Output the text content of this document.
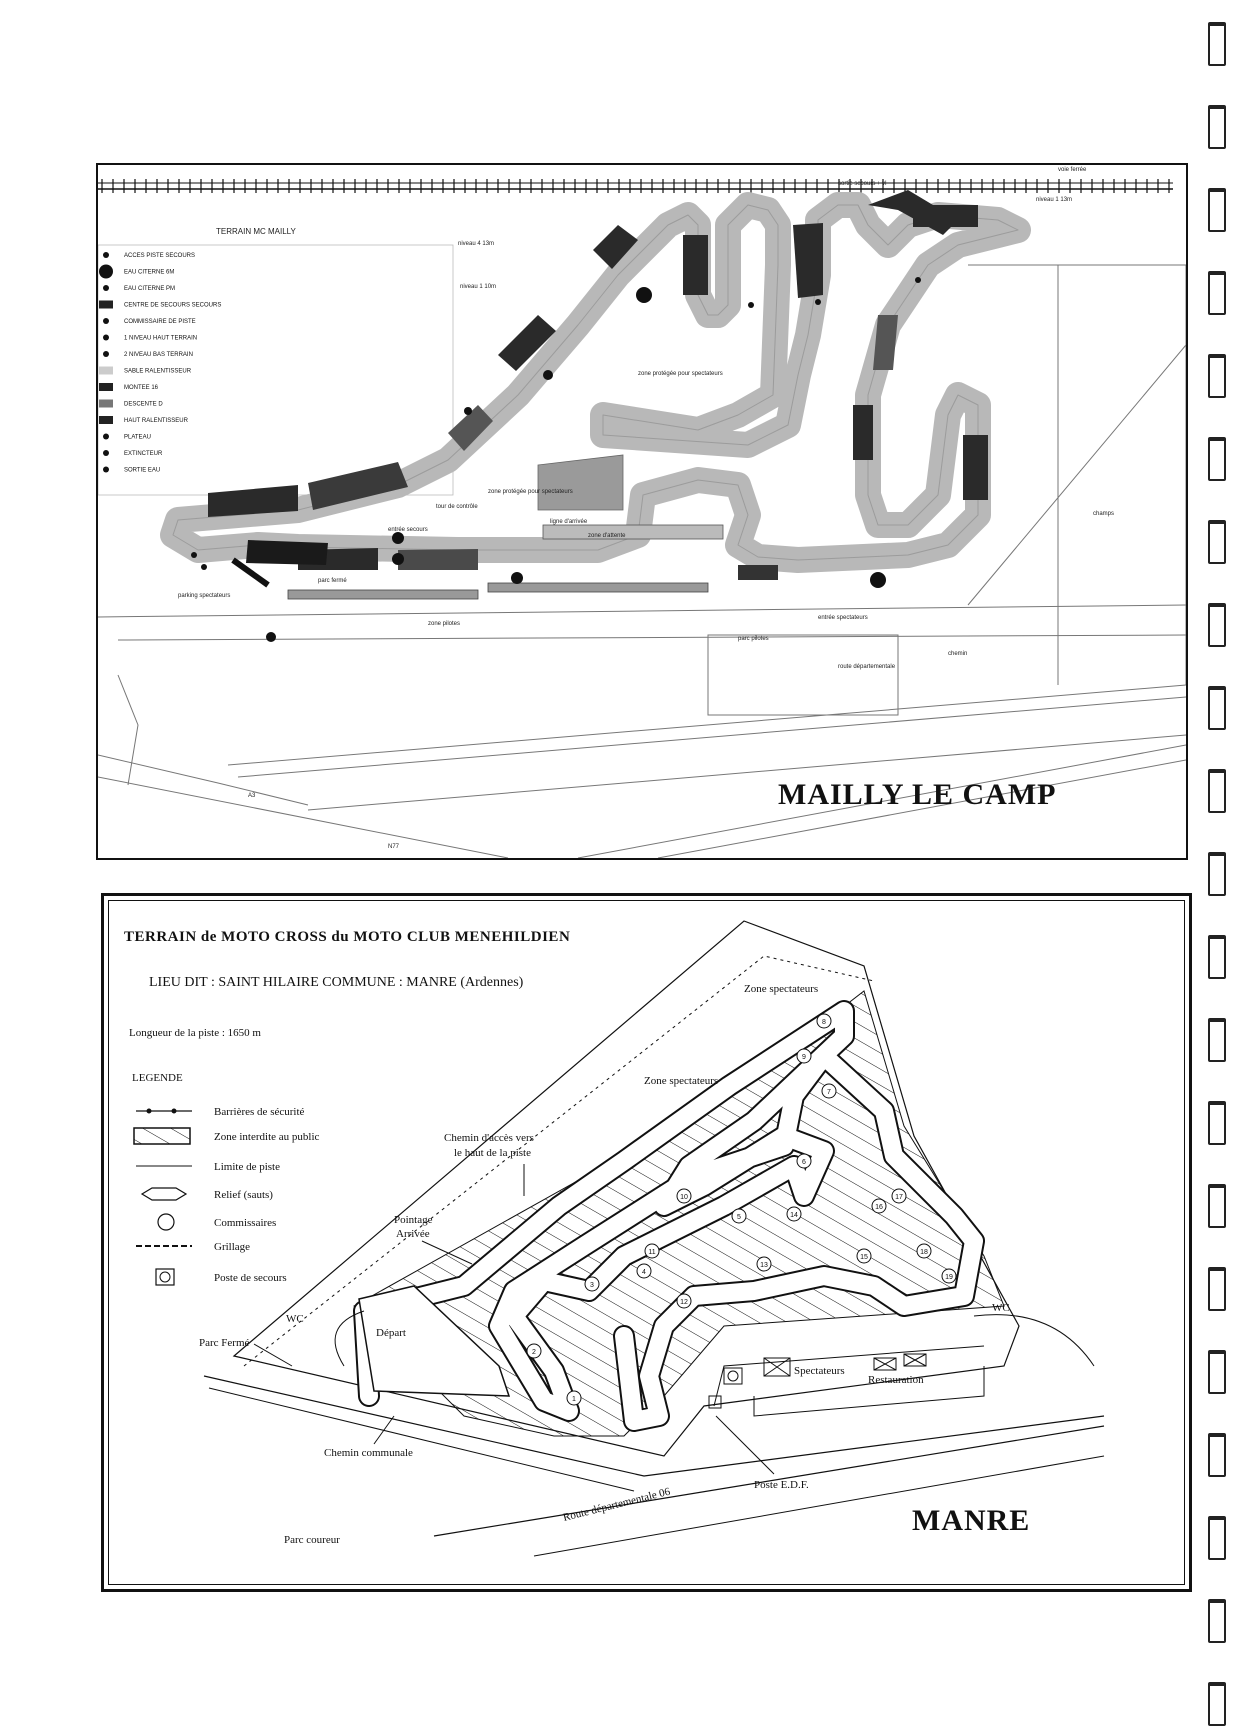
TERRAIN MC MAILLY
ACCES PISTE SECOURS
EAU CITERNE 6M
EAU CITERNE PM
CENTRE DE SECOURS SECOURS
COMMISSAIRE DE PISTE
1 NIVEAU HAUT TERRAIN
2 NIVEAU BAS TERRAIN
SABLE RALENTISSEUR
MONTEE 16
DESCENTE D
HAUT RALENTISSEUR
PLATEAU
EXTINCTEUR
SORTIE EAU
niveau 4 13m
niveau 1 10m
niveau 1 13m
zone protégée pour spectateurs
zone protégée pour spectateurs
tour de contrôle
ligne d'arrivée
zone d'attente
entrée secours
sortie secours + vl
parking spectateurs
parc fermé
zone pilotes
parc pilotes
entrée spectateurs
route départementale
chemin
champs
A3
N77
voie ferrée
MAILLY LE CAMP
TERRAIN de MOTO CROSS du MOTO CLUB MENEHILDIEN
LIEU DIT : SAINT HILAIRE COMMUNE : MANRE (Ardennes)
Longueur de la piste : 1650 m
LEGENDE
Barrières de sécurité
Zone interdite au public
Limite de piste
Relief (sauts)
Commissaires
Grillage
Poste de secours
Départ
1
2
3
4
5
6
7
8
9
10
11
12
13
14
15
16
17
18
19
Zone spectateurs
Zone spectateurs
Chemin d'accès vers
le haut de la piste
Pointage
Arrivée
Parc Fermé
WC
WC
Spectateurs
Restauration
Chemin communale
Parc coureur
Route départementale 06
Poste E.D.F.
MANRE
